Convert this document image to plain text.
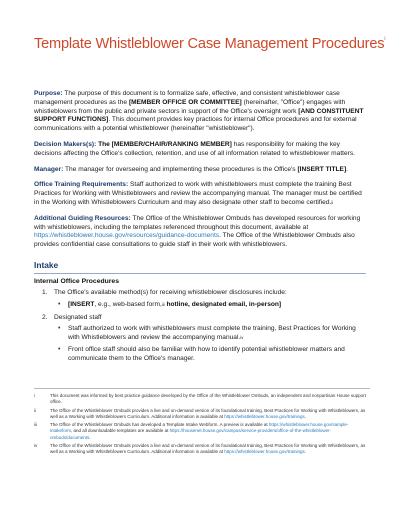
Template Whistleblower Case Management Procedures$^i$

Purpose: The purpose of this document is to formalize safe, effective, and consistent whistleblower case management procedures as the [MEMBER OFFICE OR COMMITTEE] (hereinafter, "Office") engages with whistleblowers from the public and private sectors in support of the Office's oversight work [AND CONSTITUENT SUPPORT FUNCTIONS]. This document provides key practices for internal Office procedures and for external communications with a potential whistleblower (hereinafter "whistleblower").

Decision Makers(s): The [MEMBER/CHAIR/RANKING MEMBER] has responsibility for making the key decisions affecting the Office's collection, retention, and use of all information related to whistleblower matters.

Manager: The manager for overseeing and implementing these procedures is the Office's [INSERT TITLE].

Office Training Requirements: Staff authorized to work with whistleblowers must complete the training Best Practices for Working with Whistleblowers and review the accompanying manual. The manager must be certified in the Working with Whistleblowers Curriculum and may also designate other staff to become certified.$^{ii}$

Additional Guiding Resources: The Office of the Whistleblower Ombuds has developed resources for working with whistleblowers, including the templates referenced throughout this document, available at https://whistleblower.house.gov/resources/guidance-documents. The Office of the Whistleblower Ombuds also provides confidential case consultations to guide staff in their work with whistleblowers.

Intake
Internal Office Procedures
1. The Office's available method(s) for receiving whistleblower disclosures include:
• [INSERT, e.g., web-based form,$^{iii}$ hotline, designated email, in-person]
2. Designated staff
• Staff authorized to work with whistleblowers must complete the training, Best Practices for Working with Whistleblowers and review the accompanying manual.$^{iv}$
• Front office staff should also be familiar with how to identify potential whistleblower matters and communicate them to the Office's manager.
i	This document was informed by best practice guidance developed by the Office of the Whistleblower Ombuds, an independent and nonpartisan House support office.
ii	The Office of the Whistleblower Ombuds provides a live and on-demand version of its foundational training, Best Practices for Working with Whistleblowers, as well as a Working with Whistleblowers Curriculum. Additional information is available at https://whistleblower.house.gov/trainings.
iii	The Office of the Whistleblower Ombuds has developed a Template Intake Webform. A preview is available at https://whistleblower.house.gov/sample-intakeform, and all downloadable templates are available at https://housenet.house.gov/campus/service-providers/office-of-the-whistleblower-ombuds/documents.
iv	The Office of the Whistleblower Ombuds provides a live and on-demand version of its foundational training, Best Practices for Working with Whistleblowers, as well as a Working with Whistleblowers Curriculum. Additional information is available at https://whistleblower.house.gov/trainings.
